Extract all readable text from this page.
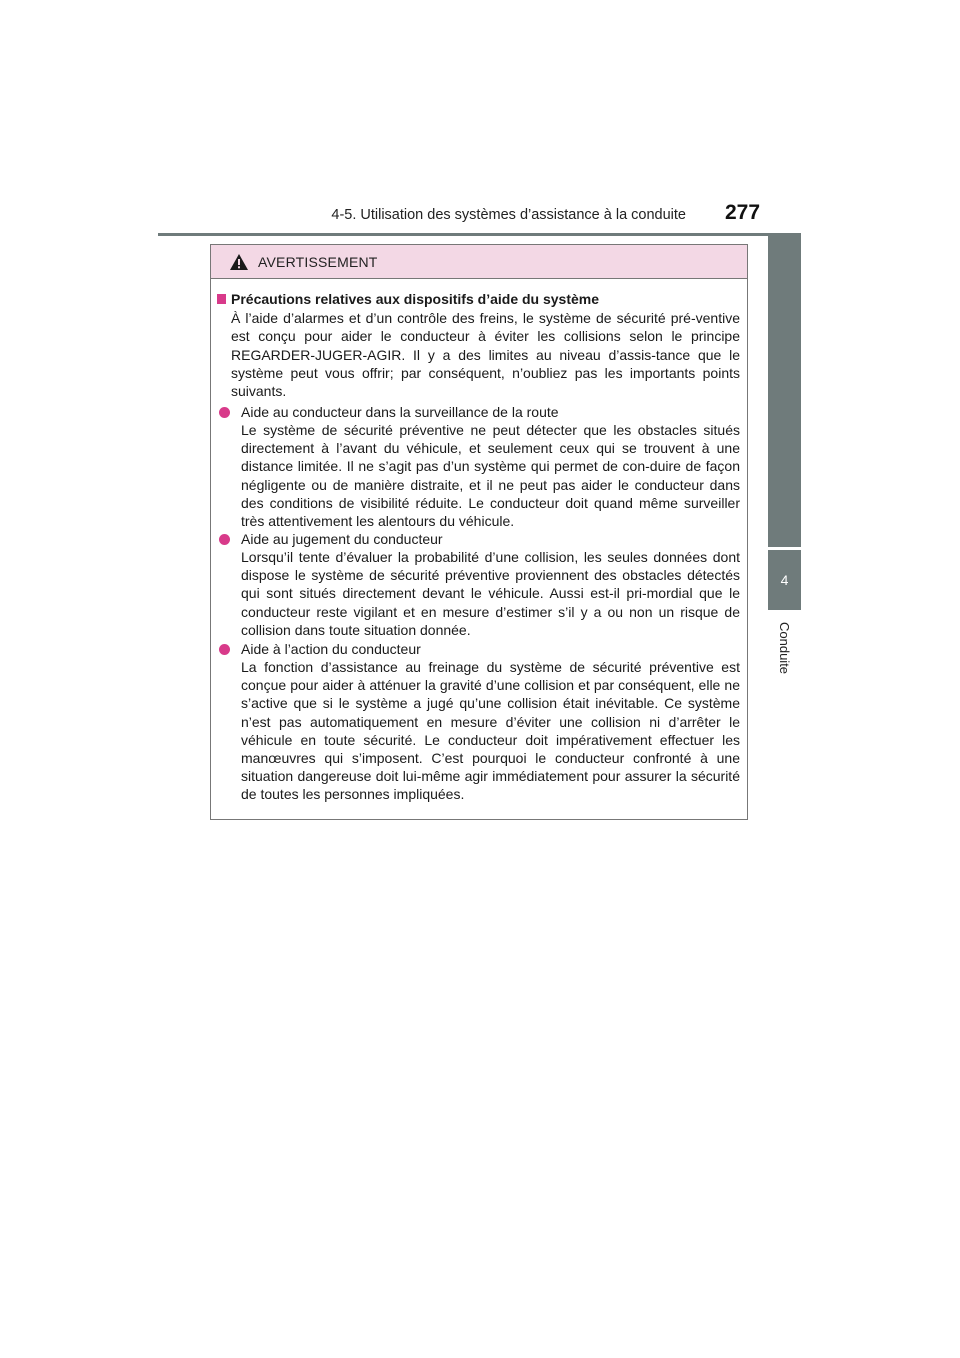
4-5. Utilisation des systèmes d’assistance à la conduite 277
4
Conduite
AVERTISSEMENT
Précautions relatives aux dispositifs d’aide du système
À l’aide d’alarmes et d’un contrôle des freins, le système de sécurité pré-ventive est conçu pour aider le conducteur à éviter les collisions selon le principe REGARDER-JUGER-AGIR. Il y a des limites au niveau d’assis-tance que le système peut vous offrir; par conséquent, n’oubliez pas les importants points suivants.
Aide au conducteur dans la surveillance de la route
Le système de sécurité préventive ne peut détecter que les obstacles situés directement à l’avant du véhicule, et seulement ceux qui se trouvent à une distance limitée. Il ne s’agit pas d’un système qui permet de con-duire de façon négligente ou de manière distraite, et il ne peut pas aider le conducteur dans des conditions de visibilité réduite. Le conducteur doit quand même surveiller très attentivement les alentours du véhicule.
Aide au jugement du conducteur
Lorsqu’il tente d’évaluer la probabilité d’une collision, les seules données dont dispose le système de sécurité préventive proviennent des obstacles détectés qui sont situés directement devant le véhicule. Aussi est-il pri-mordial que le conducteur reste vigilant et en mesure d’estimer s’il y a ou non un risque de collision dans toute situation donnée.
Aide à l’action du conducteur
La fonction d’assistance au freinage du système de sécurité préventive est conçue pour aider à atténuer la gravité d’une collision et par conséquent, elle ne s’active que si le système a jugé qu’une collision était inévitable. Ce système n’est pas automatiquement en mesure d’éviter une collision ni d’arrêter le véhicule en toute sécurité. Le conducteur doit impérativement effectuer les manœuvres qui s’imposent. C’est pourquoi le conducteur confronté à une situation dangereuse doit lui-même agir immédiatement pour assurer la sécurité de toutes les personnes impliquées.
